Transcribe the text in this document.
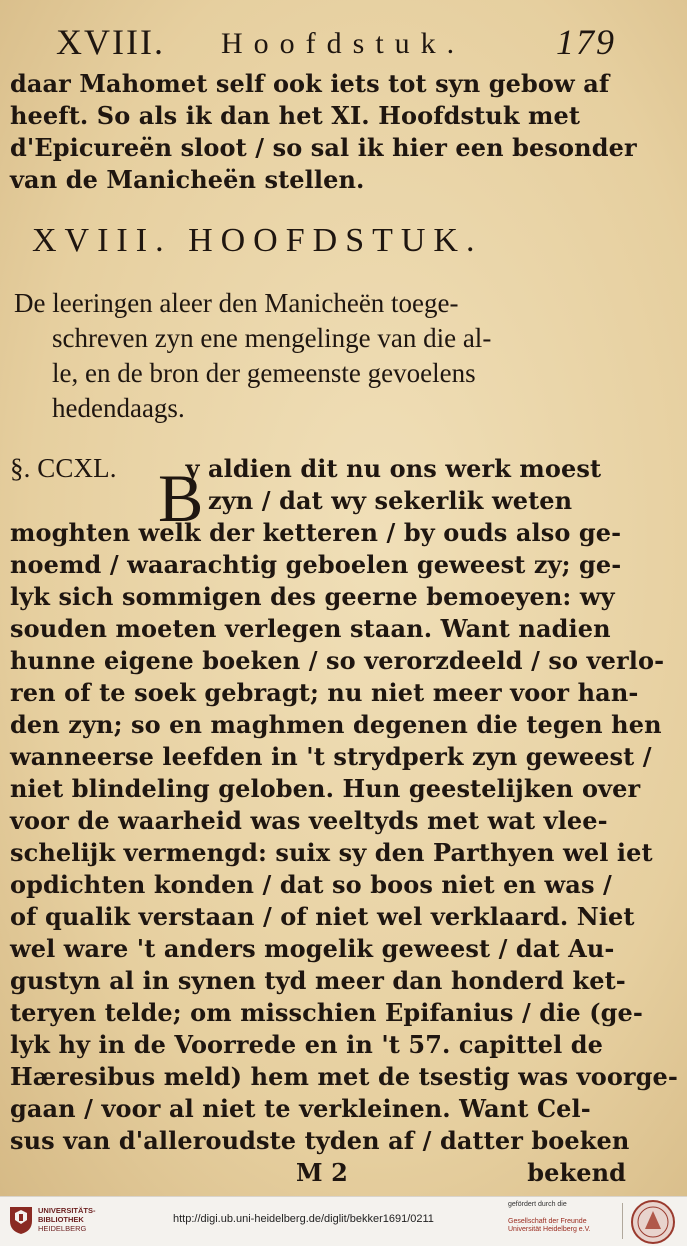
XVIII. Hoofdstuk.	179
daar Mahomet self ook iets tot syn gebow af
heeft. So als ik dan het XI. Hoofdstuk met
d'Epicureën sloot / so sal ik hier een besonder
van de Manicheën stellen.
XVIII. HOOFDSTUK.
De leeringen aleer den Manicheën toege-
schreven zyn ene mengelinge van die al-
le, en de bron der gemeenste gevoelens
hedendaags.
B
§. CCXL.	y aldien dit nu ons werk moest
zyn / dat wy sekerlik weten
moghten welk der ketteren / by ouds also ge-
noemd / waarachtig geboelen geweest zy; ge-
lyk sich sommigen des geerne bemoeyen: wy
souden moeten verlegen staan. Want nadien
hunne eigene boeken / so verorzdeeld / so verlo-
ren of te soek gebragt; nu niet meer voor han-
den zyn; so en maghmen degenen die tegen hen
wanneerse leefden in 't strydperk zyn geweest /
niet blindeling geloben. Hun geestelijken over
voor de waarheid was veeltyds met wat vlee-
schelijk vermengd: suix sy den Parthyen wel iet
opdichten konden / dat so boos niet en was /
of qualik verstaan / of niet wel verklaard. Niet
wel ware 't anders mogelik geweest / dat Au-
gustyn al in synen tyd meer dan honderd ket-
teryen telde; om misschien Epifanius / die (ge-
lyk hy in de Voorrede en in 't 57. capittel de
Hæresibus meld) hem met de tsestig was voorge-
gaan / voor al niet te verkleinen. Want Cel-
sus van d'alleroudste tyden af / datter boeken
M 2	bekend
UNIVERSITÄTS-
BIBLIOTHEK
HEIDELBERG
http://digi.ub.uni-heidelberg.de/diglit/bekker1691/0211
gefördert durch die
Gesellschaft der Freunde
Universität Heidelberg e.V.
